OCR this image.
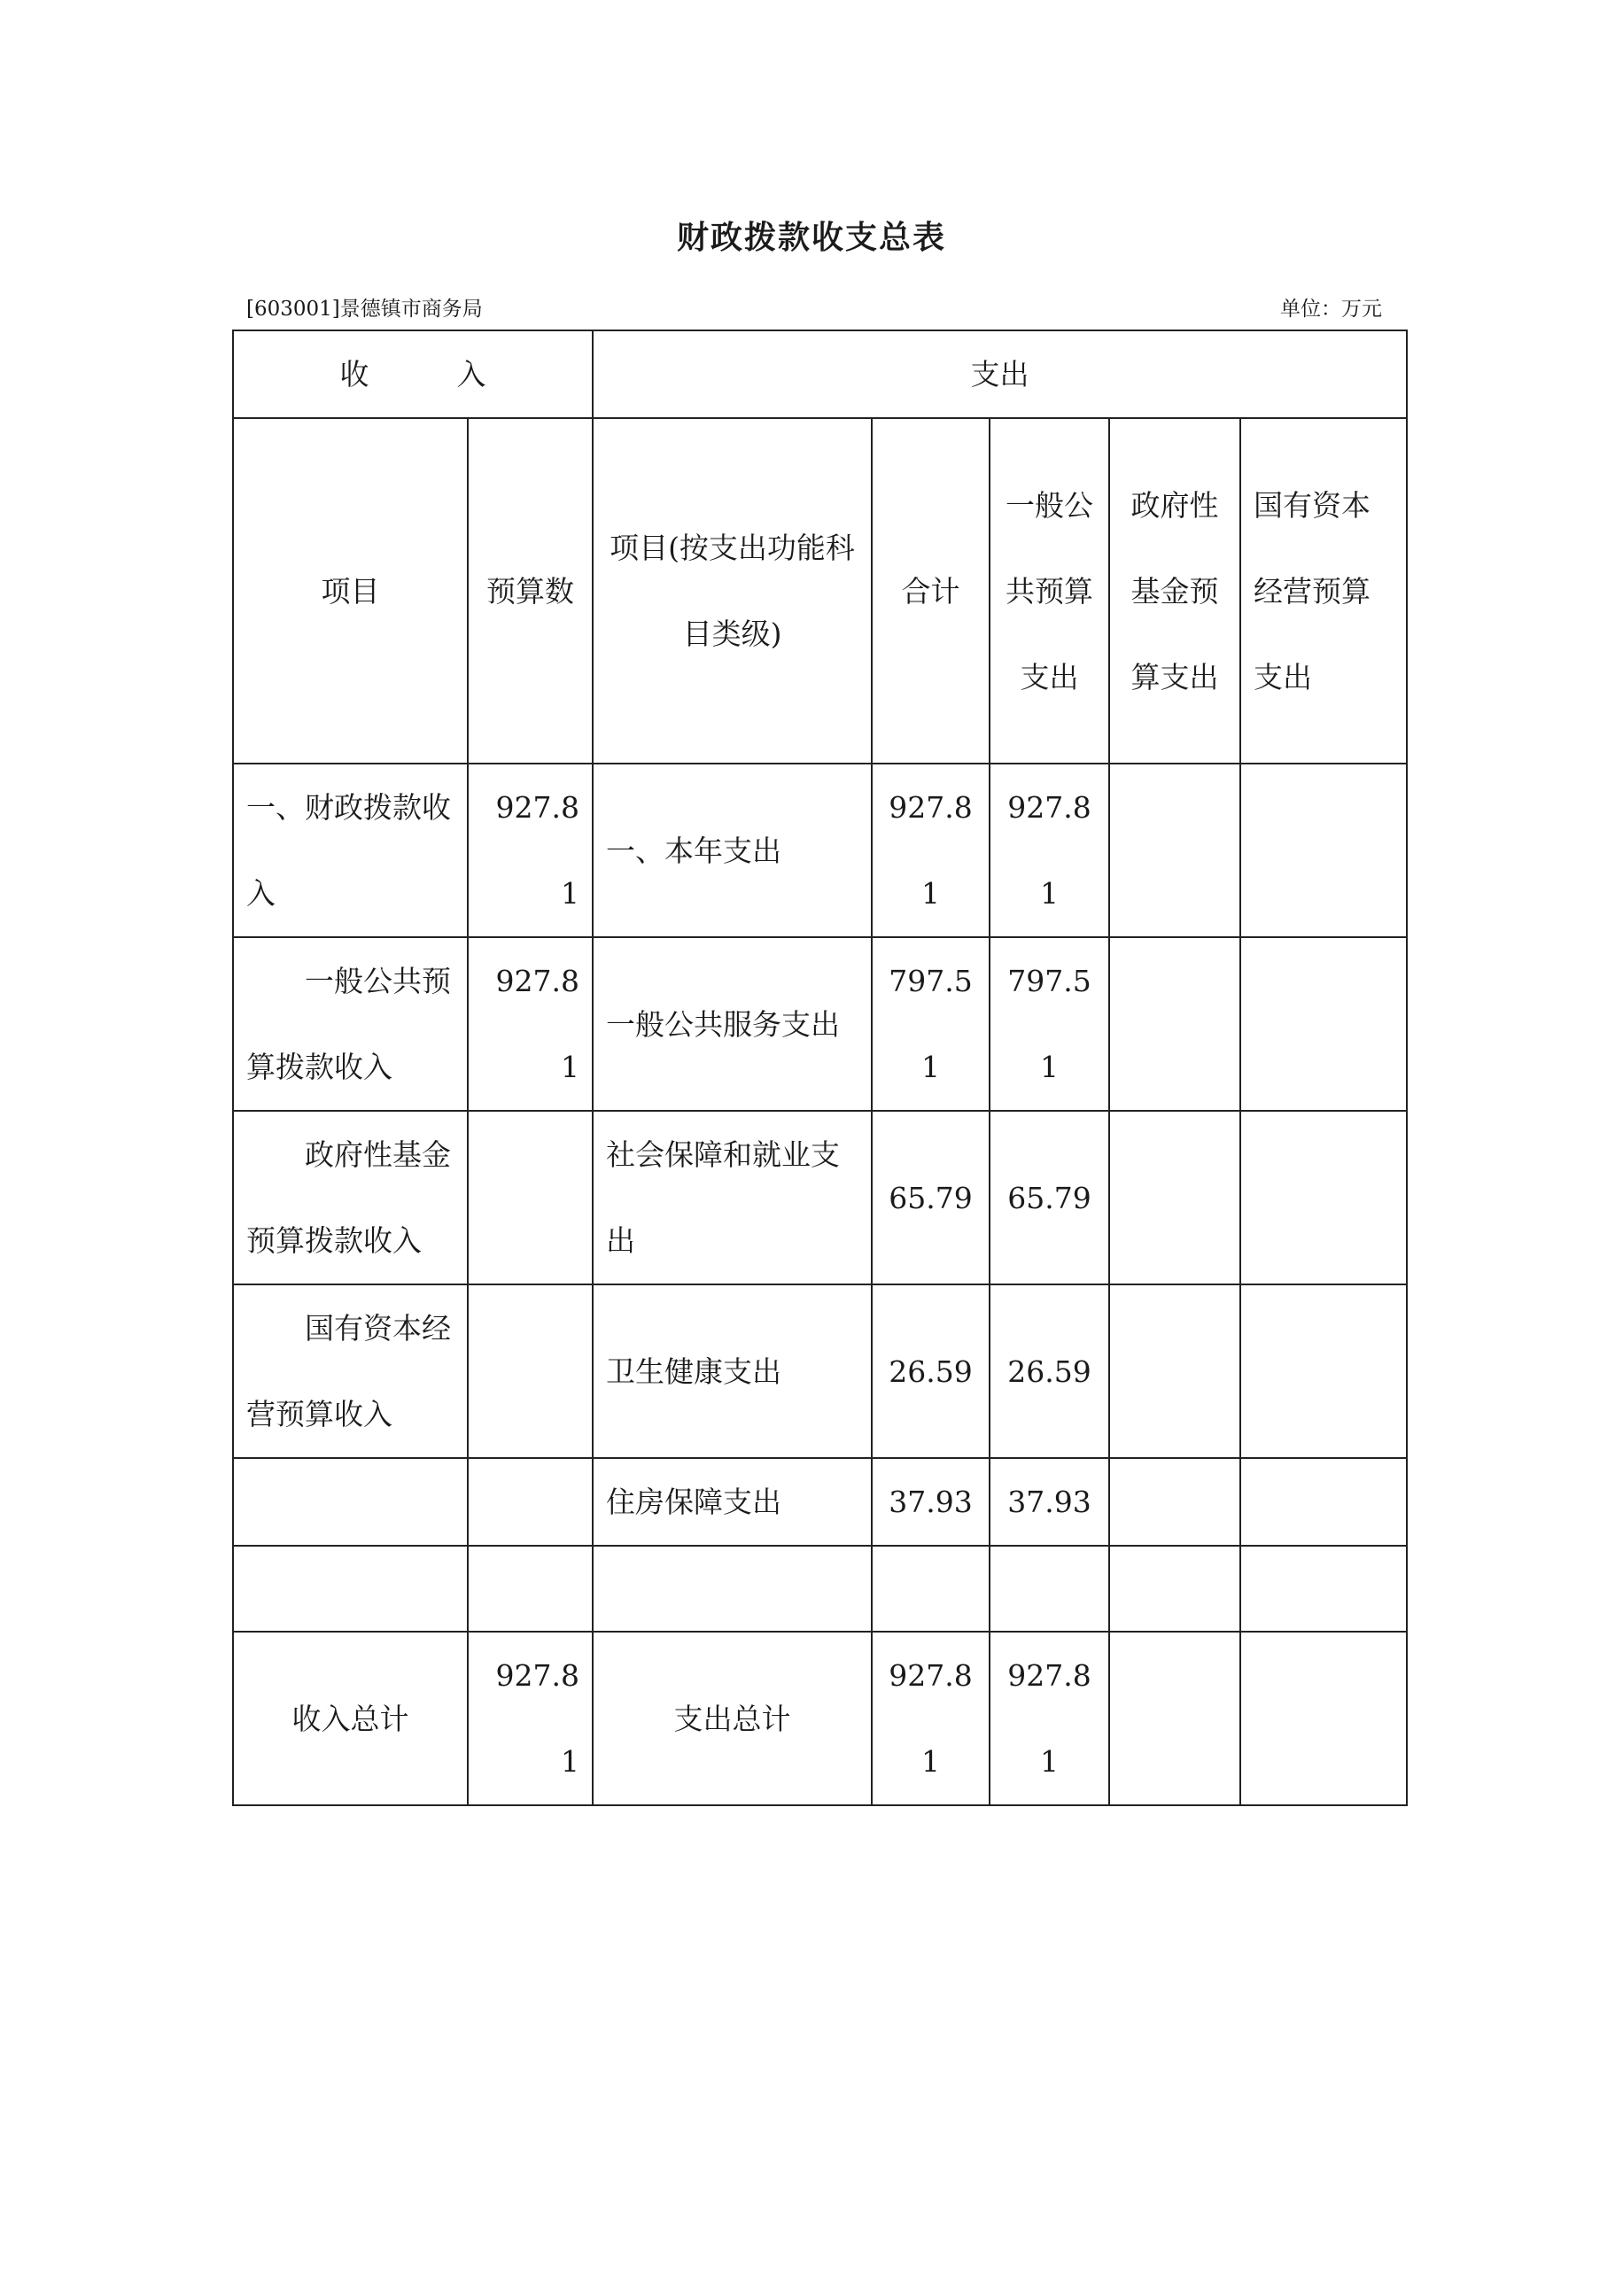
财政拨款收支总表
[603001]景德镇市商务局	单位：万元
收　　　入		支出				
项目	预算数	项目(按支出功能科目类级)	合计	一般公共预算支出	政府性基金预算支出	国有资本经营预算支出
一、财政拨款收入	927.81	一、本年支出	927.81	927.81		
一般公共预算拨款收入	927.81	一般公共服务支出	797.51	797.51		
政府性基金预算拨款收入		社会保障和就业支出	65.79	65.79		
国有资本经营预算收入		卫生健康支出	26.59	26.59		
		住房保障支出	37.93	37.93		

收入总计	927.81	支出总计	927.81	927.81		
